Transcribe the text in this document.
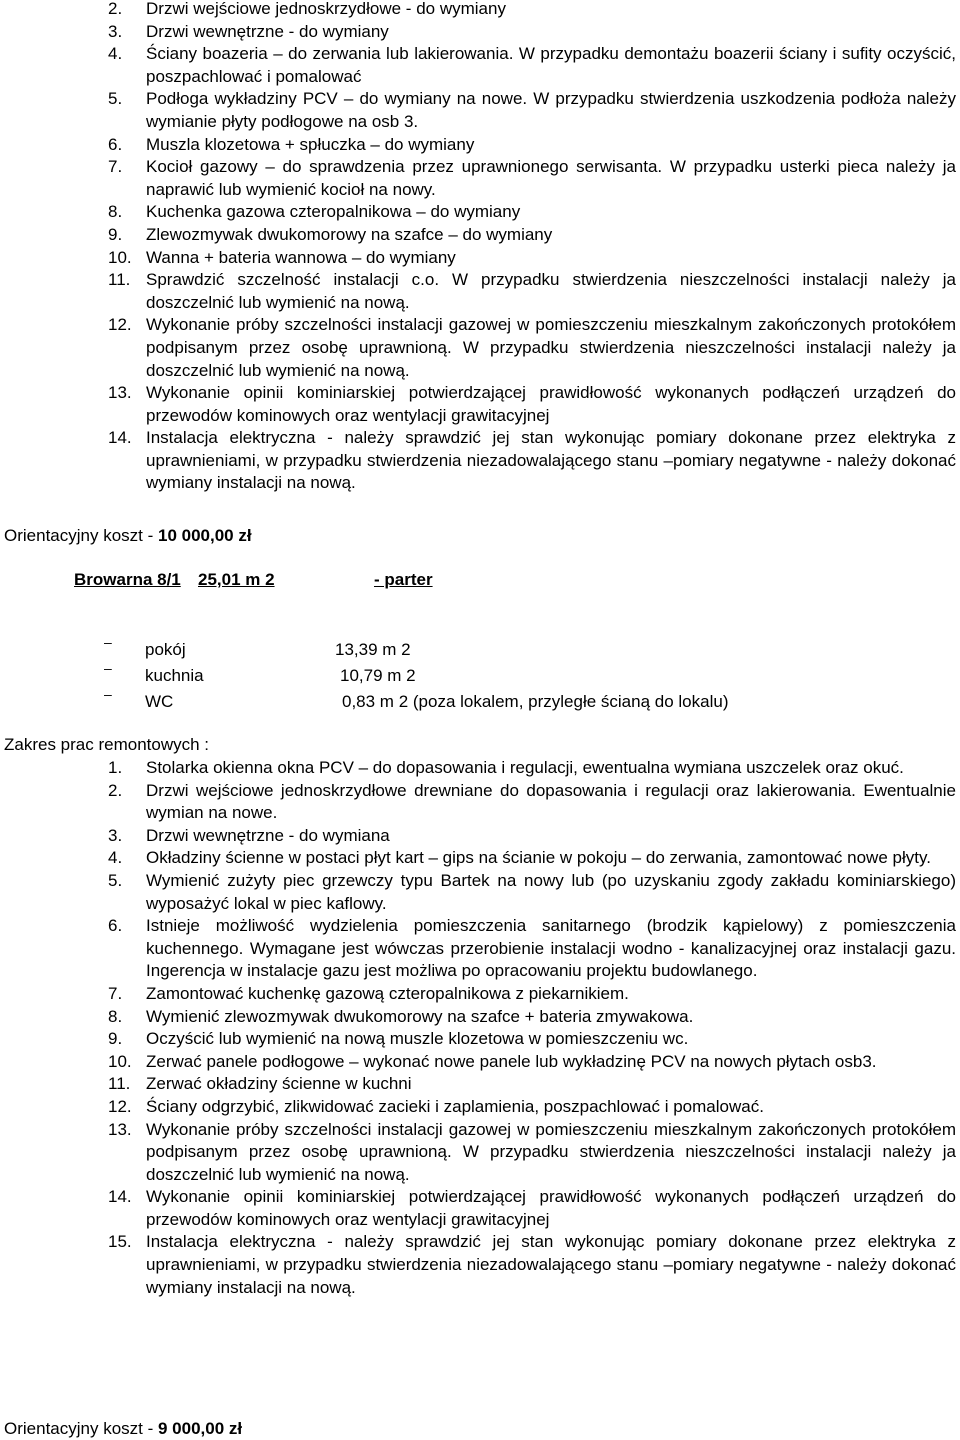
2. Drzwi wejściowe jednoskrzydłowe - do wymiany
3. Drzwi wewnętrzne - do wymiany
4. Ściany boazeria – do zerwania lub lakierowania. W przypadku demontażu boazerii ściany i sufity oczyścić, poszpachlować i pomalować
5. Podłoga wykładziny PCV – do wymiany na nowe. W przypadku stwierdzenia uszkodzenia podłoża należy wymianie płyty podłogowe na osb 3.
6. Muszla klozetowa + spłuczka – do wymiany
7. Kocioł gazowy – do sprawdzenia przez uprawnionego serwisanta. W przypadku usterki pieca należy ja naprawić lub wymienić kocioł na nowy.
8. Kuchenka gazowa czteropalnikowa – do wymiany
9. Zlewozmywak dwukomorowy na szafce – do wymiany
10. Wanna + bateria wannowa – do wymiany
11. Sprawdzić szczelność instalacji c.o. W przypadku stwierdzenia nieszczelności instalacji należy ja doszczelnić lub wymienić na nową.
12. Wykonanie próby szczelności instalacji gazowej w pomieszczeniu mieszkalnym zakończonych protokółem podpisanym przez osobę uprawnioną. W przypadku stwierdzenia nieszczelności instalacji należy ja doszczelnić lub wymienić na nową.
13. Wykonanie opinii kominiarskiej potwierdzającej prawidłowość wykonanych podłączeń urządzeń do przewodów kominowych oraz wentylacji grawitacyjnej
14. Instalacja elektryczna - należy sprawdzić jej stan wykonując pomiary dokonane przez elektryka z uprawnieniami, w przypadku stwierdzenia niezadowalającego stanu –pomiary negatywne - należy dokonać wymiany instalacji na nową.
Orientacyjny koszt - 10 000,00 zł
Browarna 8/1 25,01 m 2	- parter
– pokój	13,39 m 2
– kuchnia	10,79 m 2
– WC	0,83 m 2 (poza lokalem, przyległe ścianą do lokalu)
Zakres prac remontowych :
1. Stolarka okienna okna PCV – do dopasowania i regulacji, ewentualna wymiana uszczelek oraz okuć.
2. Drzwi wejściowe jednoskrzydłowe drewniane do dopasowania i regulacji oraz lakierowania. Ewentualnie wymian na nowe.
3. Drzwi wewnętrzne - do wymiana
4. Okładziny ścienne w postaci płyt kart – gips na ścianie w pokoju – do zerwania, zamontować nowe płyty.
5. Wymienić zużyty piec grzewczy typu Bartek na nowy lub (po uzyskaniu zgody zakładu kominiarskiego) wyposażyć lokal w piec kaflowy.
6. Istnieje możliwość wydzielenia pomieszczenia sanitarnego (brodzik kąpielowy) z pomieszczenia kuchennego. Wymagane jest wówczas przerobienie instalacji wodno - kanalizacyjnej oraz instalacji gazu. Ingerencja w instalacje gazu jest możliwa po opracowaniu projektu budowlanego.
7. Zamontować kuchenkę gazową czteropalnikowa z piekarnikiem.
8. Wymienić zlewozmywak dwukomorowy na szafce + bateria zmywakowa.
9. Oczyścić lub wymienić na nową muszle klozetowa w pomieszczeniu wc.
10. Zerwać panele podłogowe – wykonać nowe panele lub wykładzinę PCV na nowych płytach osb3.
11. Zerwać okładziny ścienne w kuchni
12. Ściany odgrzybić, zlikwidować zacieki i zaplamienia, poszpachlować i pomalować.
13. Wykonanie próby szczelności instalacji gazowej w pomieszczeniu mieszkalnym zakończonych protokółem podpisanym przez osobę uprawnioną. W przypadku stwierdzenia nieszczelności instalacji należy ja doszczelnić lub wymienić na nową.
14. Wykonanie opinii kominiarskiej potwierdzającej prawidłowość wykonanych podłączeń urządzeń do przewodów kominowych oraz wentylacji grawitacyjnej
15. Instalacja elektryczna - należy sprawdzić jej stan wykonując pomiary dokonane przez elektryka z uprawnieniami, w przypadku stwierdzenia niezadowalającego stanu –pomiary negatywne - należy dokonać wymiany instalacji na nową.
Orientacyjny koszt - 9 000,00 zł
